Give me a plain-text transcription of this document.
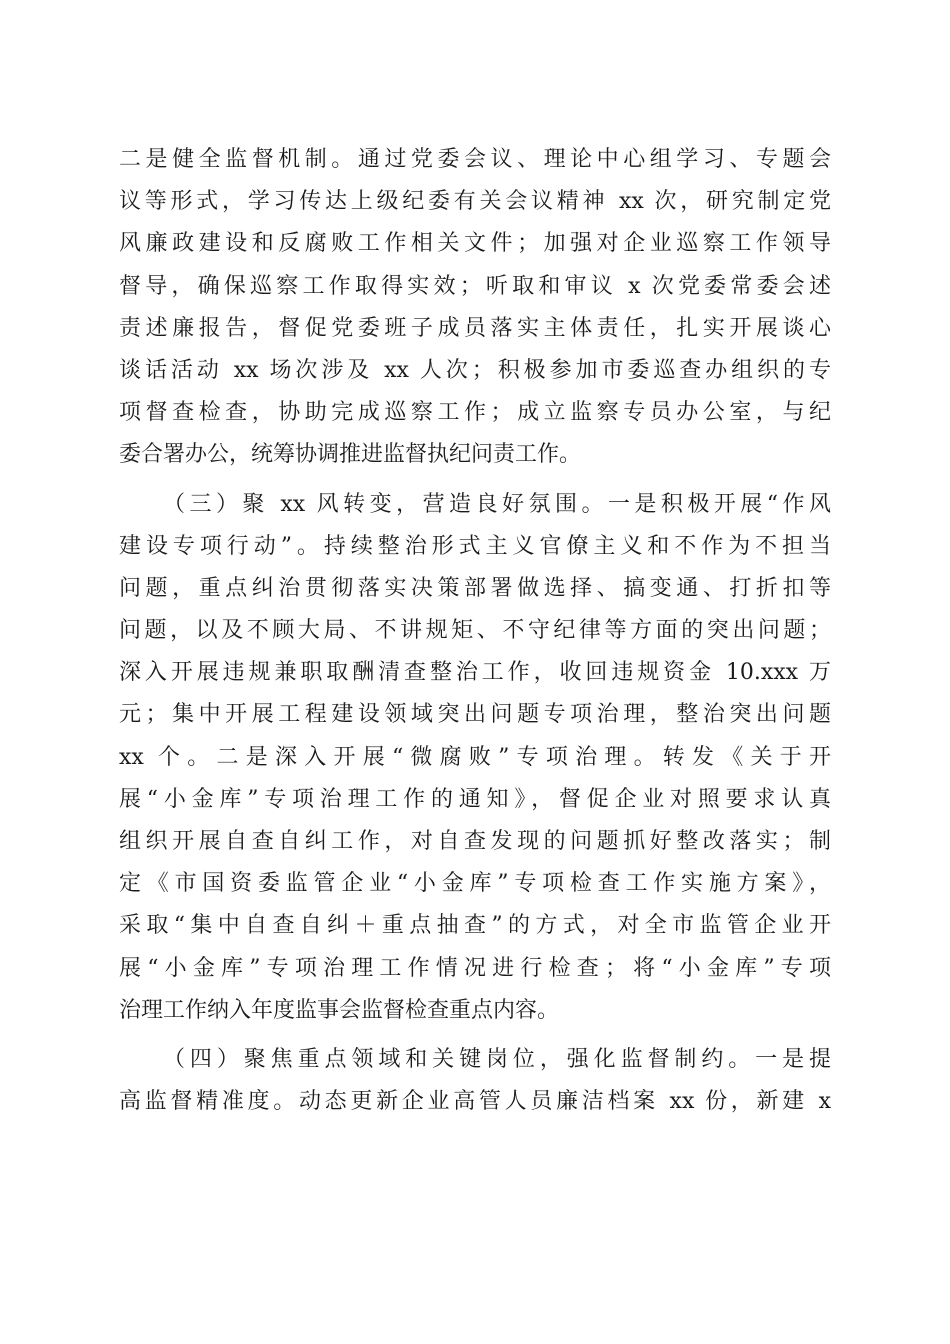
二是健全监督机制。通过党委会议、理论中心组学习、专题会
议等形式，学习传达上级纪委有关会议精神 xx 次，研究制定党
风廉政建设和反腐败工作相关文件；加强对企业巡察工作领导
督导，确保巡察工作取得实效；听取和审议 x 次党委常委会述
责述廉报告，督促党委班子成员落实主体责任，扎实开展谈心
谈话活动 xx 场次涉及 xx 人次；积极参加市委巡查办组织的专
项督查检查，协助完成巡察工作；成立监察专员办公室，与纪
委合署办公，统筹协调推进监督执纪问责工作。
（三）聚 xx 风转变，营造良好氛围。一是积极开展“作风
建设专项行动”。持续整治形式主义官僚主义和不作为不担当
问题，重点纠治贯彻落实决策部署做选择、搞变通、打折扣等
问题，以及不顾大局、不讲规矩、不守纪律等方面的突出问题；
深入开展违规兼职取酬清查整治工作，收回违规资金 10.xxx 万
元；集中开展工程建设领域突出问题专项治理，整治突出问题
xx 个。二是深入开展“微腐败”专项治理。转发《关于开
展“小金库”专项治理工作的通知》，督促企业对照要求认真
组织开展自查自纠工作，对自查发现的问题抓好整改落实；制
定《市国资委监管企业“小金库”专项检查工作实施方案》，
采取“集中自查自纠＋重点抽查”的方式，对全市监管企业开
展“小金库”专项治理工作情况进行检查；将“小金库”专项
治理工作纳入年度监事会监督检查重点内容。
（四）聚焦重点领域和关键岗位，强化监督制约。一是提
高监督精准度。动态更新企业高管人员廉洁档案 xx 份，新建 x
